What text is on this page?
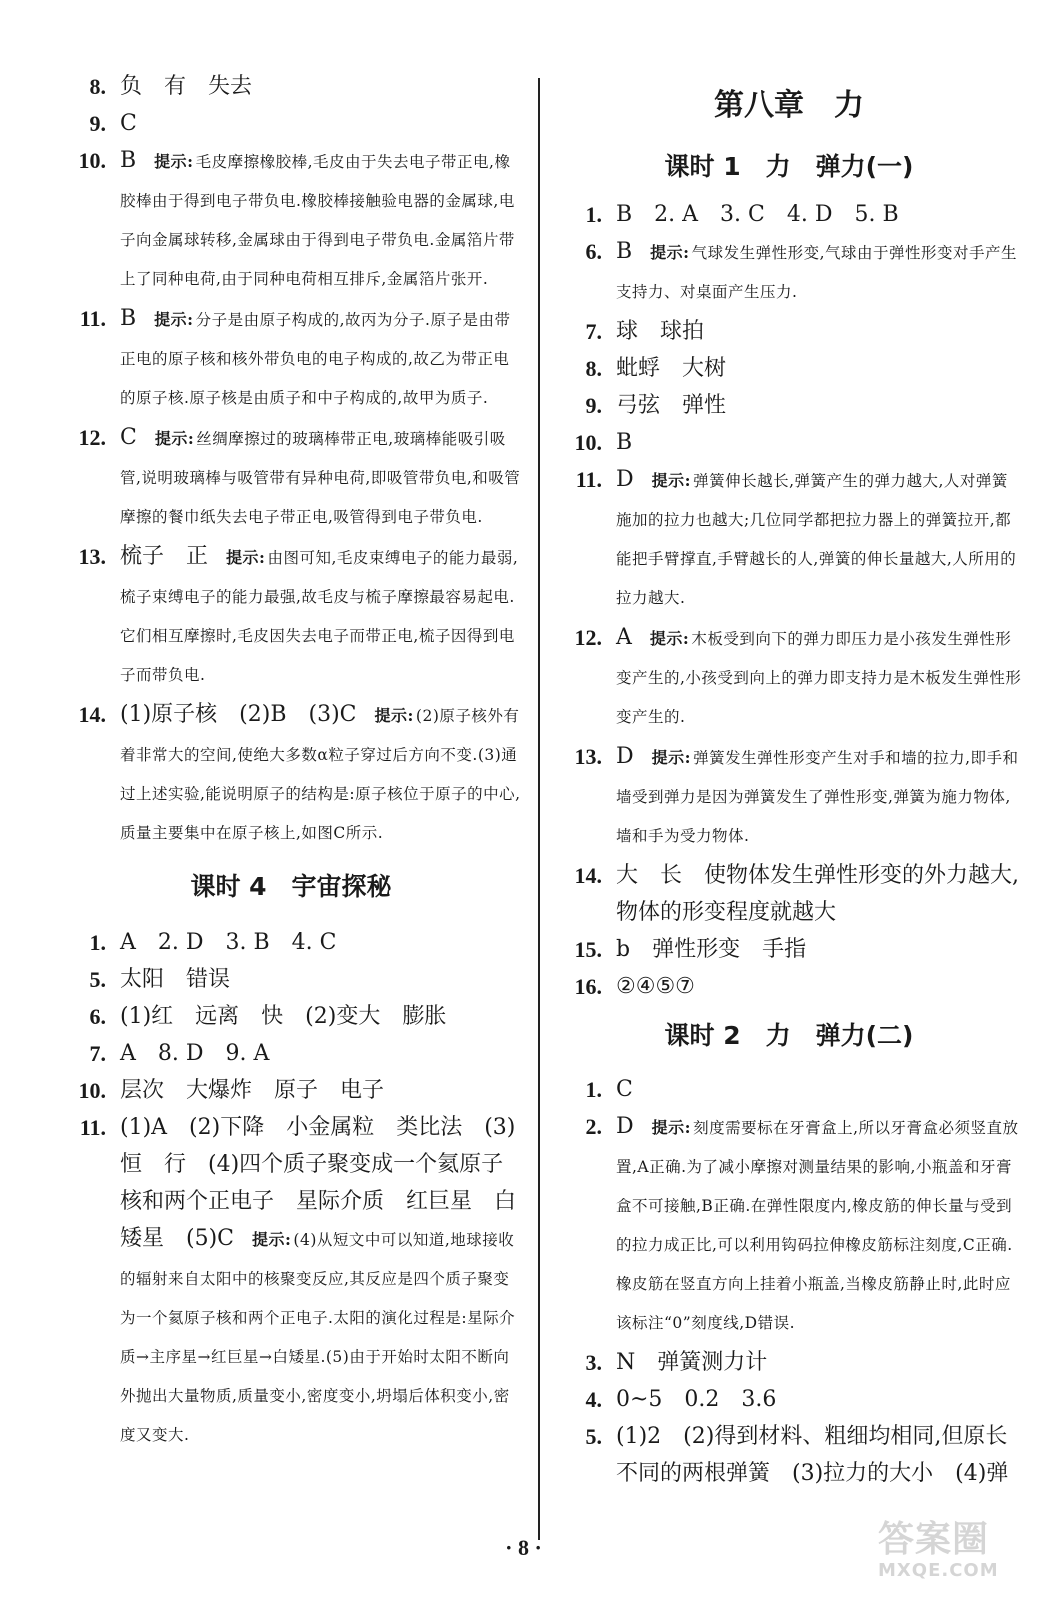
8. 负　有　失去
9. C
10. B 提示: 毛皮摩擦橡胶棒,毛皮由于失去电子带正电,橡胶棒由于得到电子带负电.橡胶棒接触验电器的金属球,电子向金属球转移,金属球由于得到电子带负电.金属箔片带上了同种电荷,由于同种电荷相互排斥,金属箔片张开.
11. B 提示: 分子是由原子构成的,故丙为分子.原子是由带正电的原子核和核外带负电的电子构成的,故乙为带正电的原子核.原子核是由质子和中子构成的,故甲为质子.
12. C 提示: 丝绸摩擦过的玻璃棒带正电,玻璃棒能吸引吸管,说明玻璃棒与吸管带有异种电荷,即吸管带负电,和吸管摩擦的餐巾纸失去电子带正电,吸管得到电子带负电.
13. 梳子　正 提示: 由图可知,毛皮束缚电子的能力最弱,梳子束缚电子的能力最强,故毛皮与梳子摩擦最容易起电.它们相互摩擦时,毛皮因失去电子而带正电,梳子因得到电子而带负电.
14. (1)原子核　(2)B　(3)C 提示: (2)原子核外有着非常大的空间,使绝大多数α粒子穿过后方向不变.(3)通过上述实验,能说明原子的结构是:原子核位于原子的中心,质量主要集中在原子核上,如图C所示.
课时 4　宇宙探秘
1. A　2. D　3. B　4. C
5. 太阳　错误
6. (1)红　远离　快　(2)变大　膨胀
7. A　8. D　9. A
10. 层次　大爆炸　原子　电子
11. (1)A　(2)下降　小金属粒　类比法　(3)恒　行　(4)四个质子聚变成一个氦原子核和两个正电子　星际介质　红巨星　白矮星　(5)C 提示: (4)从短文中可以知道,地球接收的辐射来自太阳中的核聚变反应,其反应是四个质子聚变为一个氦原子核和两个正电子.太阳的演化过程是:星际介质→主序星→红巨星→白矮星.(5)由于开始时太阳不断向外抛出大量物质,质量变小,密度变小,坍塌后体积变小,密度又变大.
第八章　力
课时 1　力　弹力(一)
1. B　2. A　3. C　4. D　5. B
6. B 提示: 气球发生弹性形变,气球由于弹性形变对手产生支持力、对桌面产生压力.
7. 球　球拍
8. 蚍蜉　大树
9. 弓弦　弹性
10. B
11. D 提示: 弹簧伸长越长,弹簧产生的弹力越大,人对弹簧施加的拉力也越大;几位同学都把拉力器上的弹簧拉开,都能把手臂撑直,手臂越长的人,弹簧的伸长量越大,人所用的拉力越大.
12. A 提示: 木板受到向下的弹力即压力是小孩发生弹性形变产生的,小孩受到向上的弹力即支持力是木板发生弹性形变产生的.
13. D 提示: 弹簧发生弹性形变产生对手和墙的拉力,即手和墙受到弹力是因为弹簧发生了弹性形变,弹簧为施力物体,墙和手为受力物体.
14. 大　长　使物体发生弹性形变的外力越大,物体的形变程度就越大
15. b　弹性形变　手指
16. ②④⑤⑦
课时 2　力　弹力(二)
1. C
2. D 提示: 刻度需要标在牙膏盒上,所以牙膏盒必须竖直放置,A正确.为了减小摩擦对测量结果的影响,小瓶盖和牙膏盒不可接触,B正确.在弹性限度内,橡皮筋的伸长量与受到的拉力成正比,可以利用钩码拉伸橡皮筋标注刻度,C正确.橡皮筋在竖直方向上挂着小瓶盖,当橡皮筋静止时,此时应该标注“0”刻度线,D错误.
3. N　弹簧测力计
4. 0~5　0.2　3.6
5. (1)2　(2)得到材料、粗细均相同,但原长不同的两根弹簧　(3)拉力的大小　(4)弹
· 8 ·	答案圈
MXQE.COM
